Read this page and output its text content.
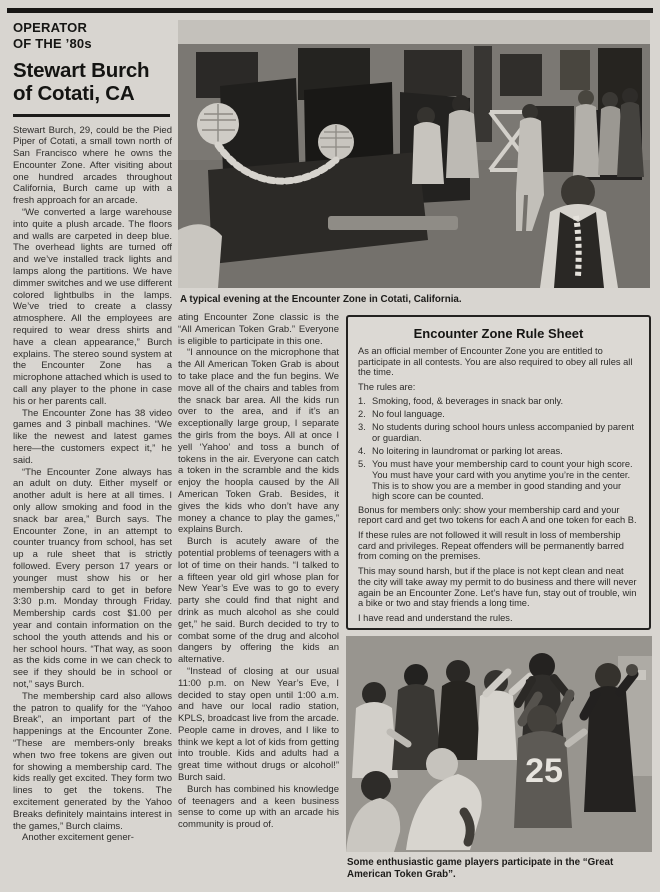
OPERATOR
OF THE ’80s
Stewart Burch
of Cotati, CA

Stewart Burch, 29, could be the Pied Piper of Cotati, a small town north of San Francisco where he owns the Encounter Zone. After visiting about one hundred arcades throughout California, Burch came up with a fresh approach for an arcade.

“We converted a large warehouse into quite a plush arcade. The floors and walls are carpeted in deep blue. The overhead lights are turned off and we’ve installed track lights and lamps along the partitions. We have dimmer switches and we use different colored lightbulbs in the lamps. We’ve tried to create a classy atmosphere. All the employees are required to wear dress shirts and have a clean appearance,” Burch explains. The stereo sound system at the Encounter Zone has a microphone attached which is used to call any player to the phone in case his or her parents call.

The Encounter Zone has 38 video games and 3 pinball machines. “We like the newest and latest games here—the customers expect it,” he said.

“The Encounter Zone always has an adult on duty. Either myself or another adult is here at all times. I only allow smoking and food in the snack bar area,” Burch says. The Encounter Zone, in an attempt to counter truancy from school, has set up a rule sheet that is strictly followed. Every person 17 years or younger must show his or her membership card to get in before 3:30 p.m. Monday through Friday. Membership cards cost $1.00 per year and contain information on the school the youth attends and his or her school hours. “That way, as soon as the kids come in we can check to see if they should be in school or not,” says Burch.

The membership card also allows the patron to qualify for the “Yahoo Break”, an important part of the happenings at the Encounter Zone. “These are members-only breaks when two free tokens are given out for showing a membership card. The kids really get excited. They form two lines to get the tokens. The excitement generated by the Yahoo Breaks definitely maintains interest in the games,” Burch claims.

Another excitement gener-

A typical evening at the Encounter Zone in Cotati, California.

ating Encounter Zone classic is the “All American Token Grab.” Everyone is eligible to participate in this one.

“I announce on the microphone that the All American Token Grab is about to take place and the fun begins. We move all of the chairs and tables from the snack bar area. All the kids run over to the area, and if it’s an exceptionally large group, I separate the girls from the boys. All at once I yell ‘Yahoo’ and toss a bunch of tokens in the air. Everyone can catch a token in the scramble and the kids enjoy the hoopla caused by the All American Token Grab. Besides, it gives the kids who don’t have any money a chance to play the games,” explains Burch.

Burch is acutely aware of the potential problems of teenagers with a lot of time on their hands. “I talked to a fifteen year old girl whose plan for New Year’s Eve was to go to every party she could find that night and drink as much alcohol as she could get,” he said. Burch decided to try to combat some of the drug and alcohol dangers by offering the kids an alternative.

“Instead of closing at our usual 11:00 p.m. on New Year’s Eve, I decided to stay open until 1:00 a.m. and have our local radio station, KPLS, broadcast live from the arcade. People came in droves, and I like to think we kept a lot of kids from getting into trouble. Kids and adults had a great time without drugs or alcohol!” Burch said.

Burch has combined his knowledge of teenagers and a keen business sense to come up with an arcade his community is proud of.

Encounter Zone Rule Sheet

As an official member of Encounter Zone you are entitled to participate in all contests. You are also required to obey all rules all the time.

The rules are:

1. Smoking, food, & beverages in snack bar only.
2. No foul language.
3. No students during school hours unless accompanied by parent or guardian.
4. No loitering in laundromat or parking lot areas.
5. You must have your membership card to count your high score. You must have your card with you anytime you’re in the center. This is to show you are a member in good standing and your high score can be counted.

Bonus for members only: show your membership card and your report card and get two tokens for each A and one token for each B.

If these rules are not followed it will result in loss of membership card and privileges. Repeat offenders will be permanently barred from coming on the premises.

This may sound harsh, but if the place is not kept clean and neat the city will take away my permit to do business and there will never again be an Encounter Zone. Let’s have fun, stay out of trouble, win a bike or two and stay friends a long time.

I have read and understand the rules.

25
Some enthusiastic game players participate in the “Great American Token Grab”.
